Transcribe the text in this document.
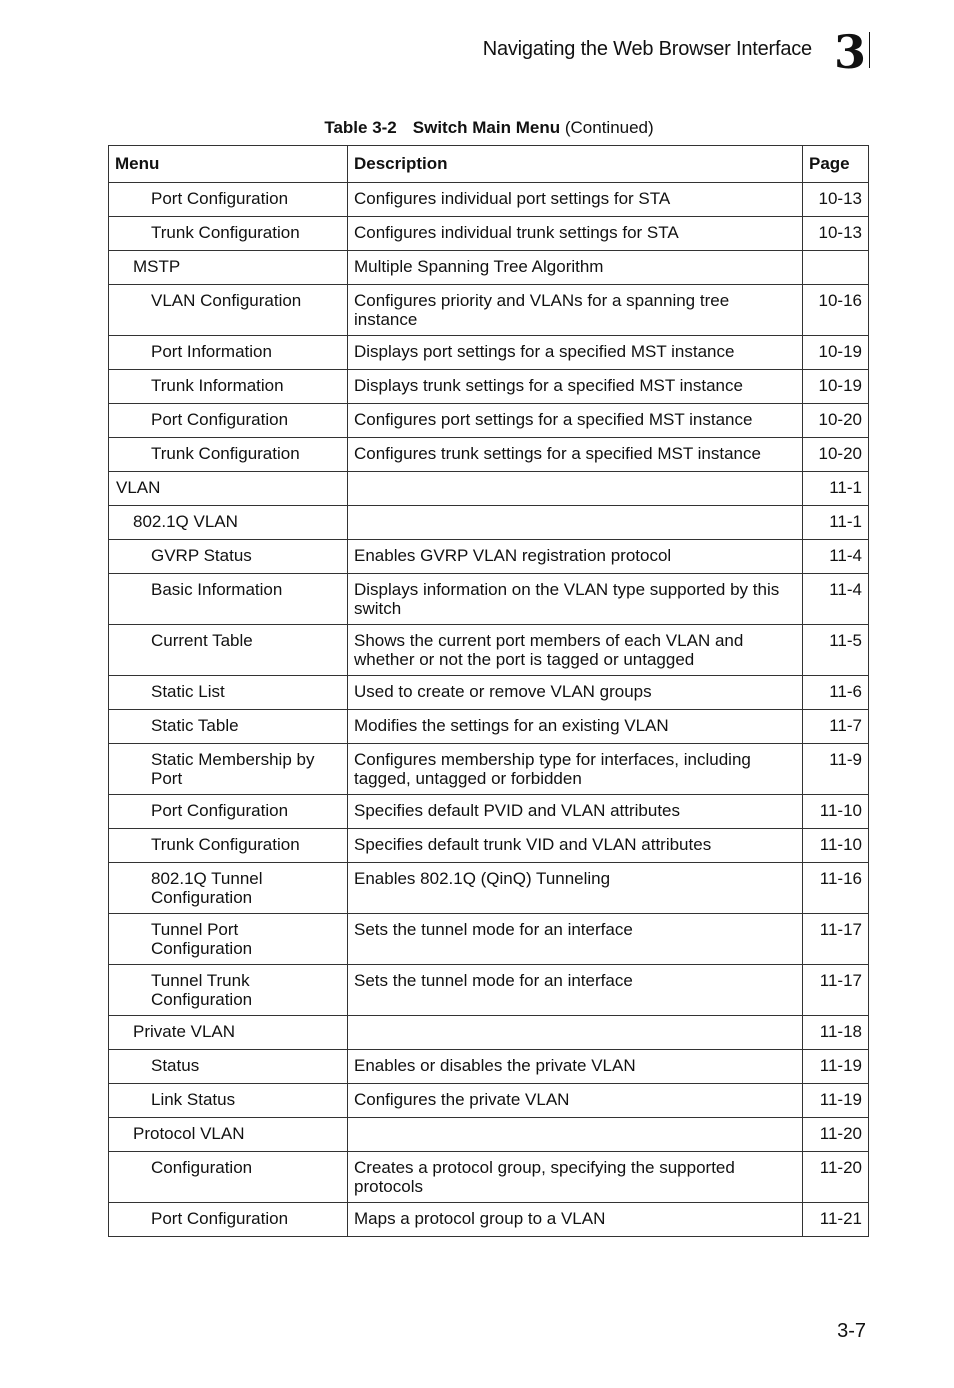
Navigating the Web Browser Interface 3
Table 3-2 Switch Main Menu (Continued)
Menu	Description	Page
Port Configuration	Configures individual port settings for STA	10-13
Trunk Configuration	Configures individual trunk settings for STA	10-13
MSTP	Multiple Spanning Tree Algorithm	
VLAN Configuration	Configures priority and VLANs for a spanning tree instance	10-16
Port Information	Displays port settings for a specified MST instance	10-19
Trunk Information	Displays trunk settings for a specified MST instance	10-19
Port Configuration	Configures port settings for a specified MST instance	10-20
Trunk Configuration	Configures trunk settings for a specified MST instance	10-20
VLAN		11-1
802.1Q VLAN		11-1
GVRP Status	Enables GVRP VLAN registration protocol	11-4
Basic Information	Displays information on the VLAN type supported by this switch	11-4
Current Table	Shows the current port members of each VLAN and whether or not the port is tagged or untagged	11-5
Static List	Used to create or remove VLAN groups	11-6
Static Table	Modifies the settings for an existing VLAN	11-7
Static Membership by Port	Configures membership type for interfaces, including tagged, untagged or forbidden	11-9
Port Configuration	Specifies default PVID and VLAN attributes	11-10
Trunk Configuration	Specifies default trunk VID and VLAN attributes	11-10
802.1Q Tunnel Configuration	Enables 802.1Q (QinQ) Tunneling	11-16
Tunnel Port Configuration	Sets the tunnel mode for an interface	11-17
Tunnel Trunk Configuration	Sets the tunnel mode for an interface	11-17
Private VLAN		11-18
Status	Enables or disables the private VLAN	11-19
Link Status	Configures the private VLAN	11-19
Protocol VLAN		11-20
Configuration	Creates a protocol group, specifying the supported protocols	11-20
Port Configuration	Maps a protocol group to a VLAN	11-21
3-7
